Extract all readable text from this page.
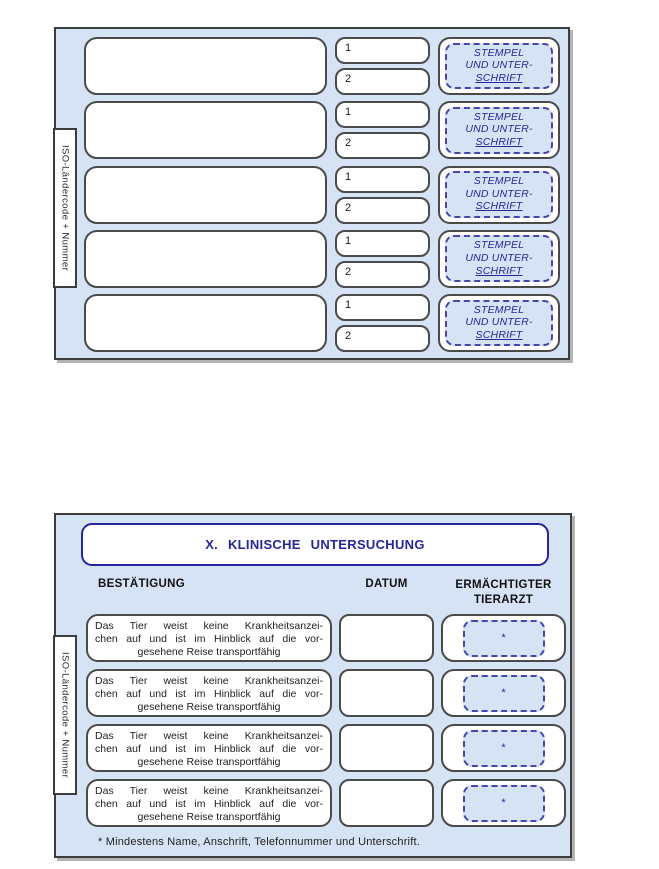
ISO-Ländercode + Nummer
1
2
STEMPEL
UND UNTER-
SCHRIFT
1
2
STEMPEL
UND UNTER-
SCHRIFT
1
2
STEMPEL
UND UNTER-
SCHRIFT
1
2
STEMPEL
UND UNTER-
SCHRIFT
1
2
STEMPEL
UND UNTER-
SCHRIFT
ISO-Ländercode + Nummer
X. KLINISCHE UNTERSUCHUNG
BESTÄTIGUNG	DATUM	ERMÄCHTIGTER
TIERARZT
Das Tier weist keine Krankheitsanzei-
chen auf und ist im Hinblick auf die vor-
gesehene Reise transportfähig
*
Das Tier weist keine Krankheitsanzei-
chen auf und ist im Hinblick auf die vor-
gesehene Reise transportfähig
*
Das Tier weist keine Krankheitsanzei-
chen auf und ist im Hinblick auf die vor-
gesehene Reise transportfähig
*
Das Tier weist keine Krankheitsanzei-
chen auf und ist im Hinblick auf die vor-
gesehene Reise transportfähig
*
* Mindestens Name, Anschrift, Telefonnummer und Unterschrift.
